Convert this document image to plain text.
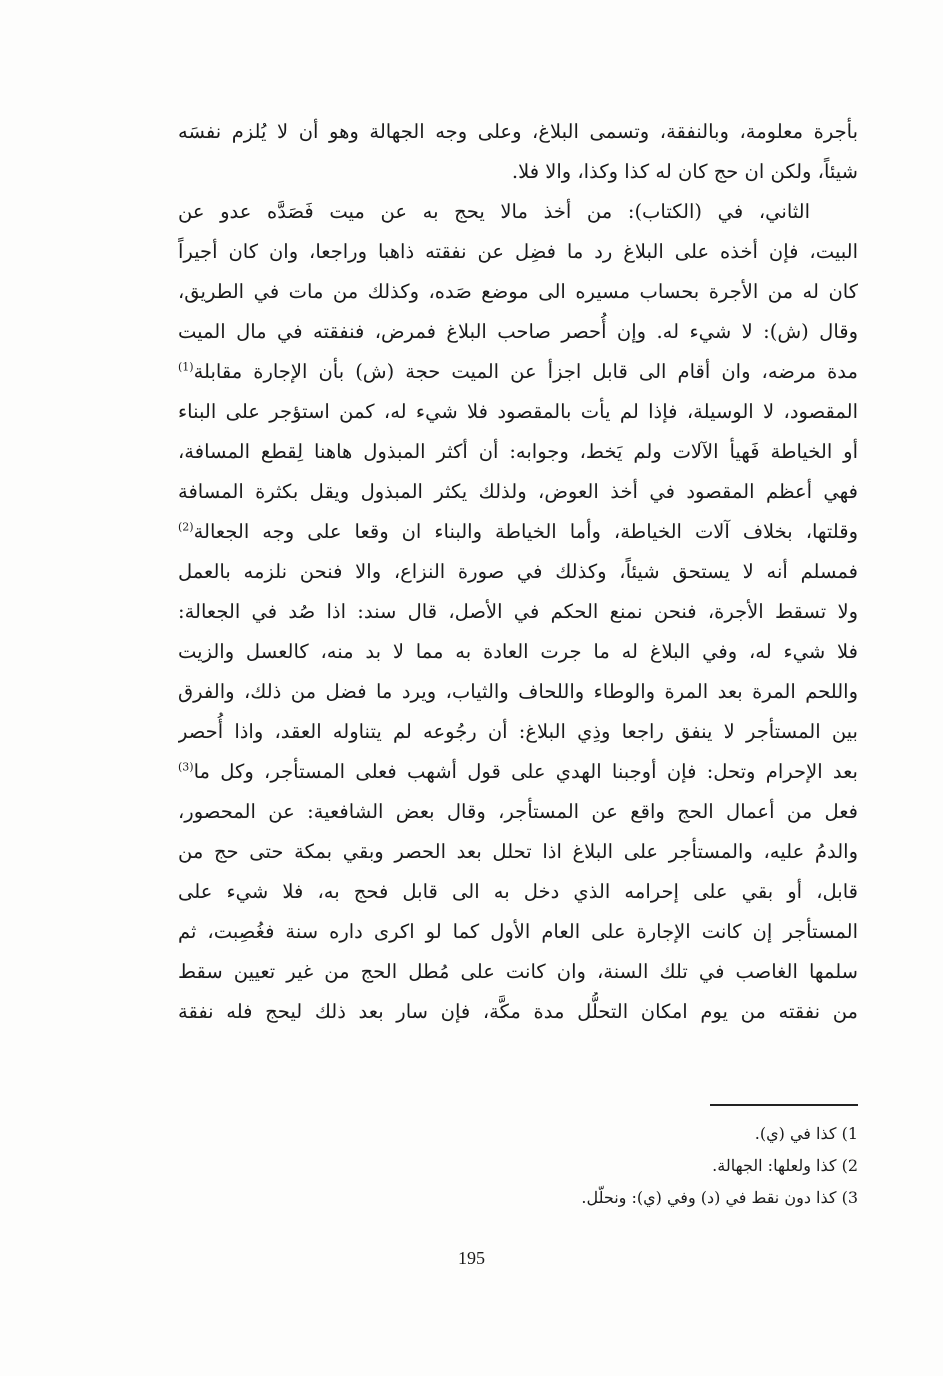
بأجرة معلومة، وبالنفقة، وتسمى البلاغ، وعلى وجه الجهالة وهو أن لا يُلزم نفسَه
شيئاً، ولكن ان حج كان له كذا وكذا، والا فلا.
الثاني، في (الكتاب): من أخذ مالا يحج به عن ميت فَصَدَّه عدو عن
البيت، فإن أخذه على البلاغ رد ما فضِل عن نفقته ذاهبا وراجعا، وان كان أجيراً
كان له من الأجرة بحساب مسيره الى موضع صَده، وكذلك من مات في الطريق،
وقال (ش): لا شيء له. وإن أُحصر صاحب البلاغ فمرض، فنفقته في مال الميت
مدة مرضه، وان أقام الى قابل اجزأ عن الميت حجة (ش) بأن الإجارة مقابلة$^{(1)}$
المقصود، لا الوسيلة، فإذا لم يأت بالمقصود فلا شيء له، كمن استؤجر على البناء
أو الخياطة فَهيأ الآلات ولم يَخط، وجوابه: أن أكثر المبذول هاهنا لِقطع المسافة،
فهي أعظم المقصود في أخذ العوض، ولذلك يكثر المبذول ويقل بكثرة المسافة
وقلتها، بخلاف آلات الخياطة، وأما الخياطة والبناء ان وقعا على وجه الجعالة$^{(2)}$
فمسلم أنه لا يستحق شيئاً، وكذلك في صورة النزاع، والا فنحن نلزمه بالعمل
ولا تسقط الأجرة، فنحن نمنع الحكم في الأصل، قال سند: اذا صُد في الجعالة:
فلا شيء له، وفي البلاغ له ما جرت العادة به مما لا بد منه، كالعسل والزيت
واللحم المرة بعد المرة والوطاء واللحاف والثياب، ويرد ما فضل من ذلك، والفرق
بين المستأجر لا ينفق راجعا وذِي البلاغ: أن رجُوعه لم يتناوله العقد، واذا أُحصر
بعد الإحرام وتحل: فإن أوجبنا الهدي على قول أشهب فعلى المستأجر، وكل ما$^{(3)}$
فعل من أعمال الحج واقع عن المستأجر، وقال بعض الشافعية: عن المحصور،
والدمُ عليه، والمستأجر على البلاغ اذا تحلل بعد الحصر وبقي بمكة حتى حج من
قابل، أو بقي على إحرامه الذي دخل به الى قابل فحج به، فلا شيء على
المستأجر إن كانت الإجارة على العام الأول كما لو اكرى داره سنة فغُصِبت، ثم
سلمها الغاصب في تلك السنة، وان كانت على مُطل الحج من غير تعيين سقط
من نفقته من يوم امكان التحلُّل مدة مكَّة، فإن سار بعد ذلك ليحج فله نفقة
1) كذا في (ي).
2) كذا ولعلها: الجهالة.
3) كذا دون نقط في (د) وفي (ي): ونحلّل.
195
